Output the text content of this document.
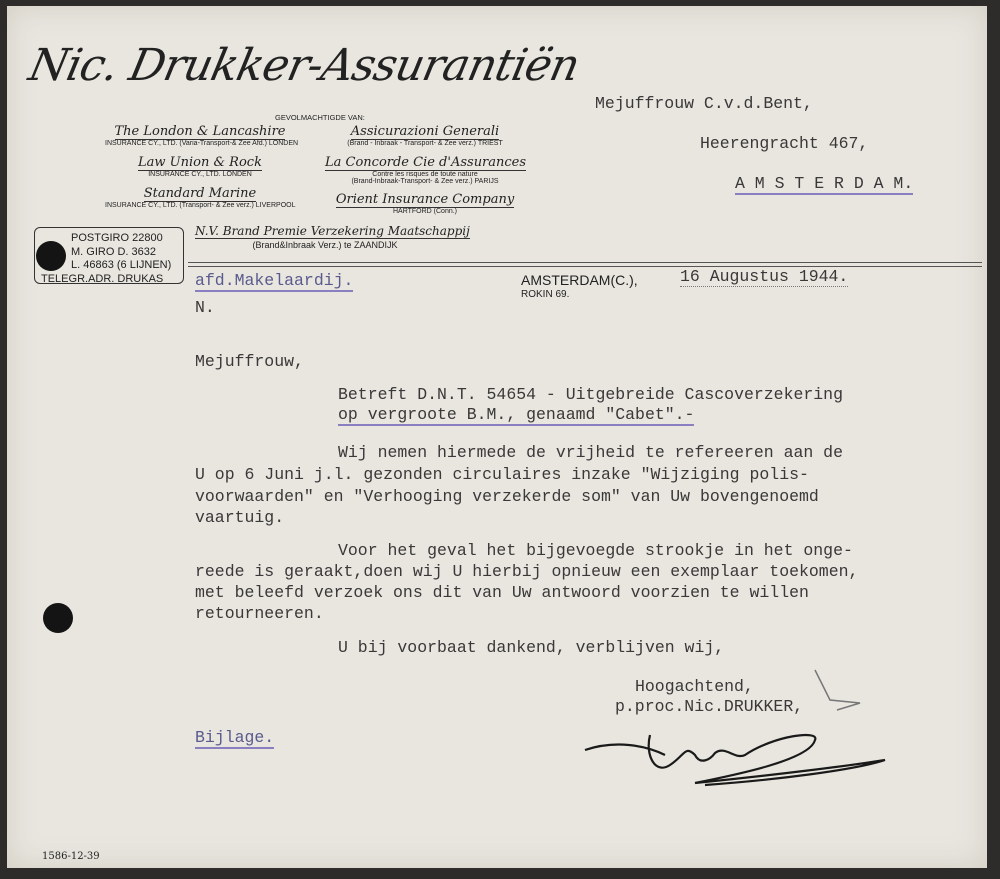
Nic. Drukker-Assurantiën
GEVOLMACHTIGDE VAN:
The London & Lancashire
INSURANCE CY., LTD. (Varia-Transport-& Zee Afd.) LONDEN
Law Union & Rock
INSURANCE CY., LTD. LONDEN
Standard Marine
INSURANCE CY., LTD. (Transport- & Zee verz.) LIVERPOOL
Assicurazioni Generali
(Brand - Inbraak - Transport- & Zee verz.) TRIEST
La Concorde Cie d'Assurances
Contre les risques de toute nature
(Brand-Inbraak-Transport- & Zee verz.) PARIJS
Orient Insurance Company
HARTFORD (Conn.)
N.V. Brand Premie Verzekering Maatschappij
(Brand&Inbraak Verz.) te ZAANDIJK
POSTGIRO 22800
M. GIRO D. 3632
L. 46863 (6 LIJNEN)
TELEGR.ADR. DRUKAS
Mejuffrouw C.v.d.Bent,
Heerengracht 467,
A M S T E R D A M.
afd.Makelaardij.
N.
AMSTERDAM(C.),
ROKIN 69.
16 Augustus 1944.
Mejuffrouw,
Betreft D.N.T. 54654 - Uitgebreide Cascoverzekering
op vergroote B.M., genaamd "Cabet".-
Wij nemen hiermede de vrijheid te refereeren aan de
U op 6 Juni j.l. gezonden circulaires inzake "Wijziging polis-
voorwaarden" en "Verhooging verzekerde som" van Uw bovengenoemd
vaartuig.
Voor het geval het bijgevoegde strookje in het onge-
reede is geraakt,doen wij U hierbij opnieuw een exemplaar toekomen,
met beleefd verzoek ons dit van Uw antwoord voorzien te willen
retourneeren.
U bij voorbaat dankend, verblijven wij,
Hoogachtend,
p.proc.Nic.DRUKKER,
Bijlage.
1586-12-39
